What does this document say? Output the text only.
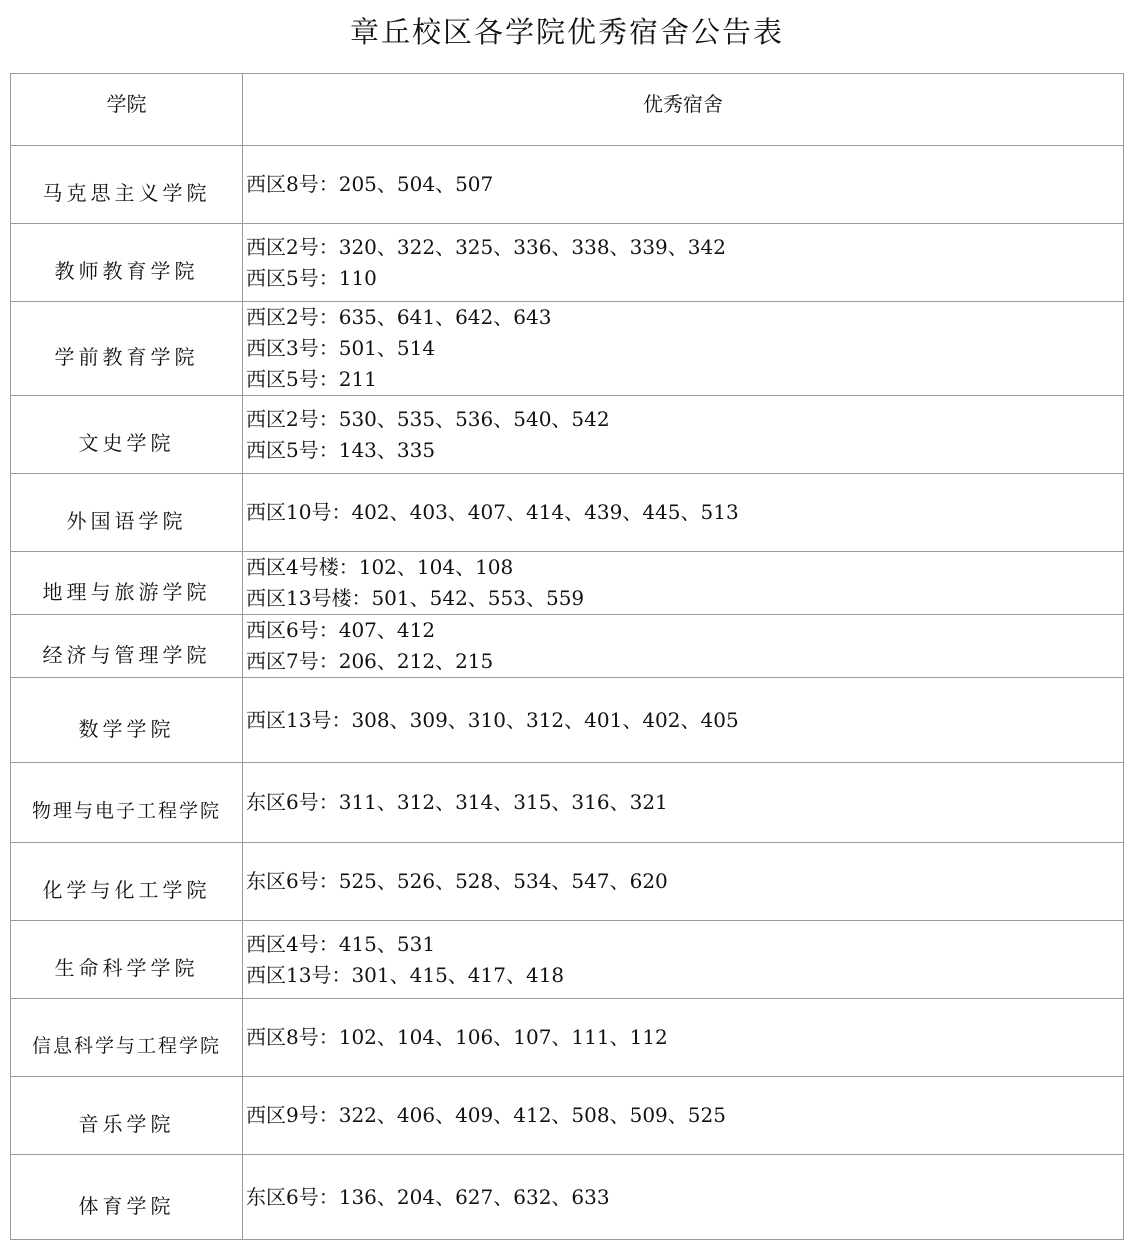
章丘校区各学院优秀宿舍公告表
学院	优秀宿舍
马克思主义学院	西区8号：205、504、507

教师教育学院	西区2号：320、322、325、336、338、339、342
西区5号：110

学前教育学院	西区2号：635、641、642、643
西区3号：501、514
西区5号：211

文史学院	西区2号：530、535、536、540、542
西区5号：143、335

外国语学院	西区10号：402、403、407、414、439、445、513

地理与旅游学院	西区4号楼：102、104、108
西区13号楼：501、542、553、559

经济与管理学院	西区6号：407、412
西区7号：206、212、215

数学学院	西区13号：308、309、310、312、401、402、405

物理与电子工程学院	东区6号：311、312、314、315、316、321

化学与化工学院	东区6号：525、526、528、534、547、620

生命科学学院	西区4号：415、531
西区13号：301、415、417、418

信息科学与工程学院	西区8号：102、104、106、107、111、112

音乐学院	西区9号：322、406、409、412、508、509、525

体育学院	东区6号：136、204、627、632、633
